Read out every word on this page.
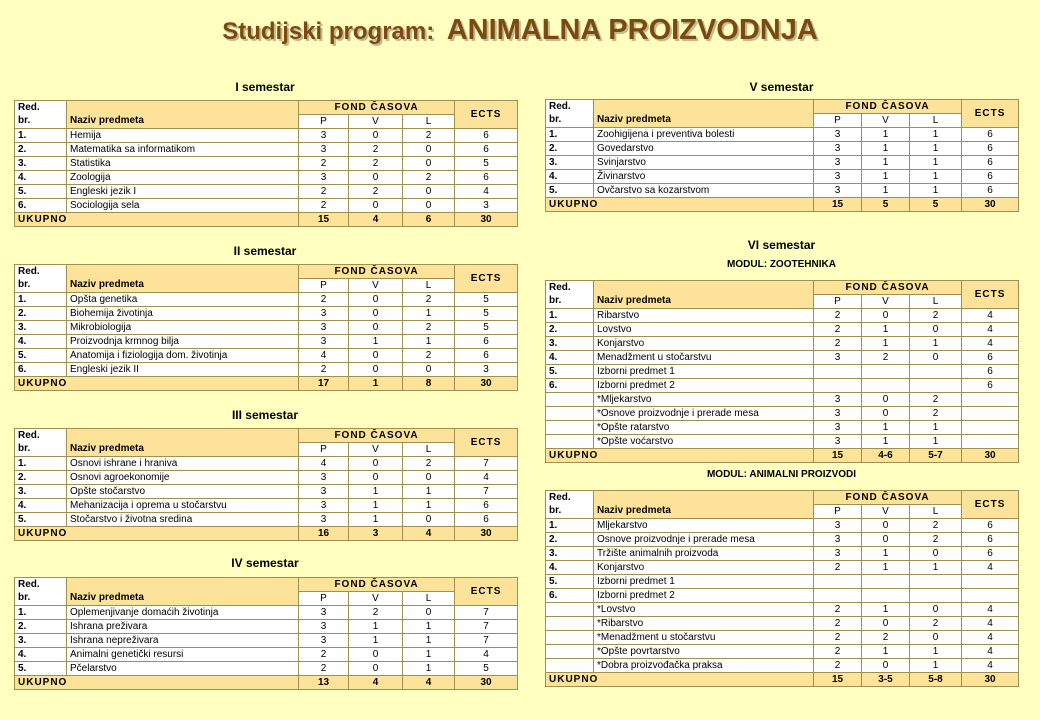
Studijski program: ANIMALNA PROIZVODNJA
I semestar
Red.		FOND ČASOVA			ECTS
br.	Naziv predmeta	P	V	L	
1.	Hemija	3	0	2	6
2.	Matematika sa informatikom	3	2	0	6
3.	Statistika	2	2	0	5
4.	Zoologija	3	0	2	6
5.	Engleski jezik I	2	2	0	4
6.	Sociologija sela	2	0	0	3
UKUPNO		15	4	6	30
II semestar
Red.		FOND ČASOVA			ECTS
br.	Naziv predmeta	P	V	L	
1.	Opšta genetika	2	0	2	5
2.	Biohemija životinja	3	0	1	5
3.	Mikrobiologija	3	0	2	5
4.	Proizvodnja krmnog bilja	3	1	1	6
5.	Anatomija i fiziologija dom. životinja	4	0	2	6
6.	Engleski jezik II	2	0	0	3
UKUPNO		17	1	8	30
III semestar
Red.		FOND ČASOVA			ECTS
br.	Naziv predmeta	P	V	L	
1.	Osnovi ishrane i hraniva	4	0	2	7
2.	Osnovi agroekonomije	3	0	0	4
3.	Opšte stočarstvo	3	1	1	7
4.	Mehanizacija i oprema u stočarstvu	3	1	1	6
5.	Stočarstvo i životna sredina	3	1	0	6
UKUPNO		16	3	4	30
IV semestar
Red.		FOND ČASOVA			ECTS
br.	Naziv predmeta	P	V	L	
1.	Oplemenjivanje domaćih životinja	3	2	0	7
2.	Ishrana preživara	3	1	1	7
3.	Ishrana nepreživara	3	1	1	7
4.	Animalni genetički resursi	2	0	1	4
5.	Pčelarstvo	2	0	1	5
UKUPNO		13	4	4	30
V semestar
Red.		FOND ČASOVA			ECTS
br.	Naziv predmeta	P	V	L	
1.	Zoohigijena i preventiva bolesti	3	1	1	6
2.	Govedarstvo	3	1	1	6
3.	Svinjarstvo	3	1	1	6
4.	Živinarstvo	3	1	1	6
5.	Ovčarstvo sa kozarstvom	3	1	1	6
UKUPNO		15	5	5	30
VI semestar
MODUL: ZOOTEHNIKA
Red.		FOND ČASOVA			ECTS
br.	Naziv predmeta	P	V	L	
1.	Ribarstvo	2	0	2	4
2.	Lovstvo	2	1	0	4
3.	Konjarstvo	2	1	1	4
4.	Menadžment u stočarstvu	3	2	0	6
5.	Izborni predmet 1				6
6.	Izborni predmet 2				6
	*Mljekarstvo	3	0	2	
	*Osnove proizvodnje i prerade mesa	3	0	2	
	*Opšte ratarstvo	3	1	1	
	*Opšte voćarstvo	3	1	1	
UKUPNO		15	4-6	5-7	30
MODUL: ANIMALNI PROIZVODI
Red.		FOND ČASOVA			ECTS
br.	Naziv predmeta	P	V	L	
1.	Mljekarstvo	3	0	2	6
2.	Osnove proizvodnje i prerade mesa	3	0	2	6
3.	Tržište animalnih proizvoda	3	1	0	6
4.	Konjarstvo	2	1	1	4
5.	Izborni predmet 1				
6.	Izborni predmet 2				
	*Lovstvo	2	1	0	4
	*Ribarstvo	2	0	2	4
	*Menadžment u stočarstvu	2	2	0	4
	*Opšte povrtarstvo	2	1	1	4
	*Dobra proizvođačka praksa	2	0	1	4
UKUPNO		15	3-5	5-8	30
